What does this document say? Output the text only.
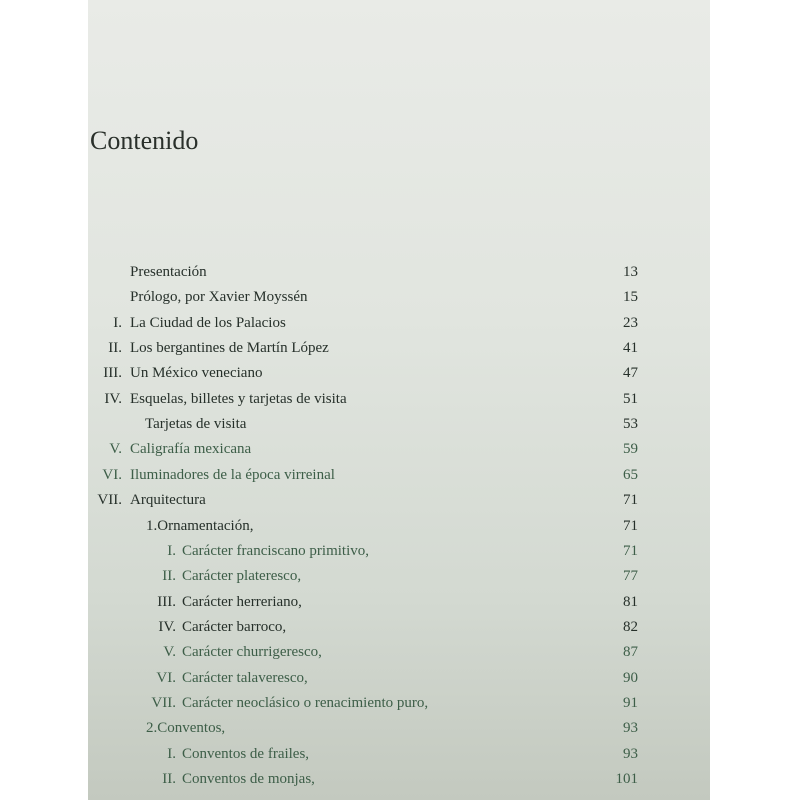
Contenido
Presentación	13
Prólogo, por Xavier Moyssén	15
I. La Ciudad de los Palacios	23
II. Los bergantines de Martín López	41
III. Un México veneciano	47
IV. Esquelas, billetes y tarjetas de visita	51
Tarjetas de visita	53
V. Caligrafía mexicana	59
VI. Iluminadores de la época virreinal	65
VII. Arquitectura	71
1.Ornamentación,	71
I. Carácter franciscano primitivo,	71
II. Carácter plateresco,	77
III. Carácter herreriano,	81
IV. Carácter barroco,	82
V. Carácter churrigeresco,	87
VI. Carácter talaveresco,	90
VII. Carácter neoclásico o renacimiento puro,	91
2.Conventos,	93
I. Conventos de frailes,	93
II. Conventos de monjas,	101
